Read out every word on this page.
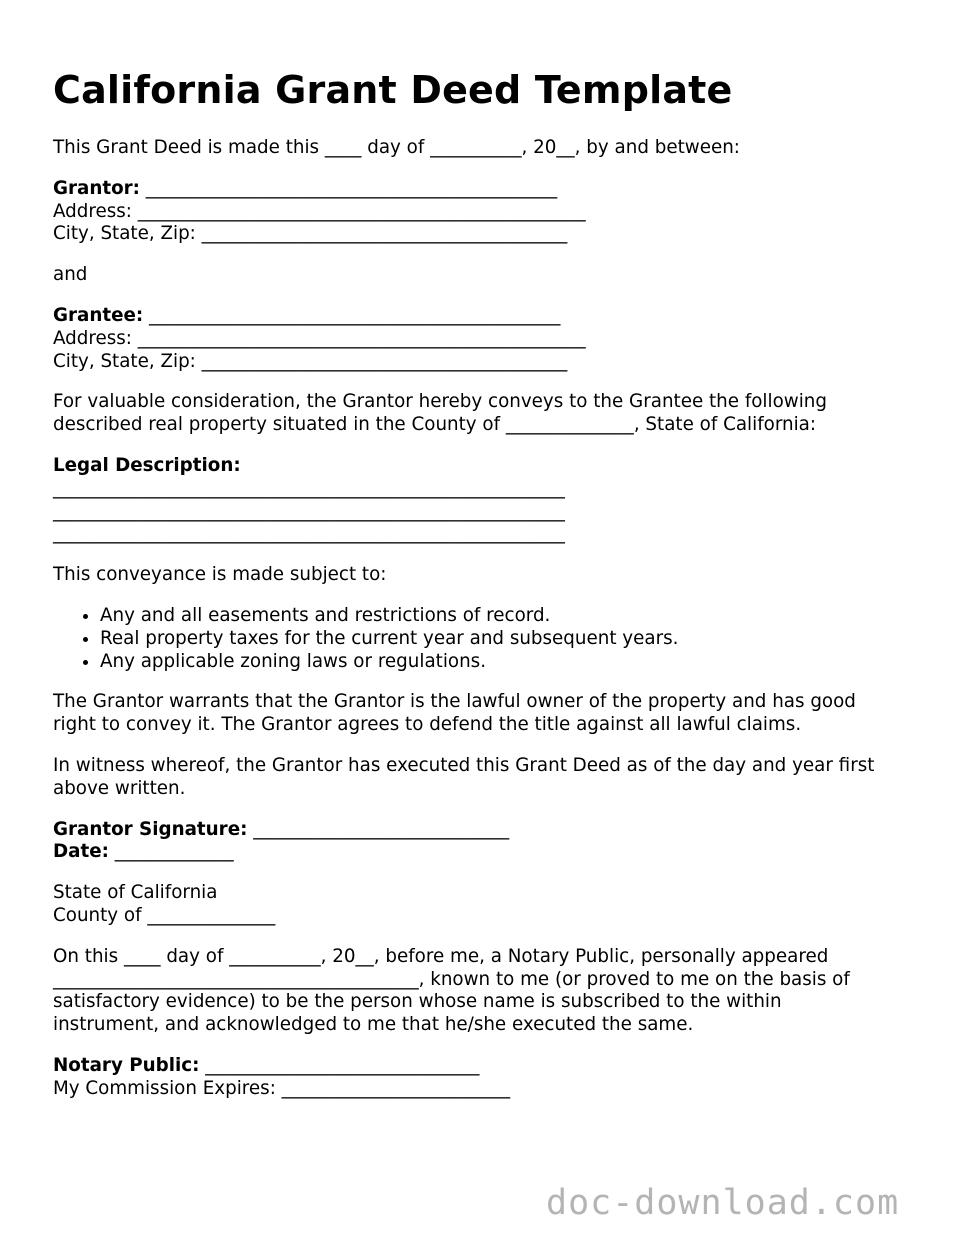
California Grant Deed Template

This Grant Deed is made this ____ day of __________, 20__, by and between:

Grantor: _____________________________________________

Address: _________________________________________________

City, State, Zip: ________________________________________

and

Grantee: _____________________________________________

Address: _________________________________________________

City, State, Zip: ________________________________________

For valuable consideration, the Grantor hereby conveys to the Grantee the following

described real property situated in the County of ______________, State of California:

Legal Description:

________________________________________________________

________________________________________________________

________________________________________________________

This conveyance is made subject to:

• Any and all easements and restrictions of record.
• Real property taxes for the current year and subsequent years.
• Any applicable zoning laws or regulations.

The Grantor warrants that the Grantor is the lawful owner of the property and has good

right to convey it. The Grantor agrees to defend the title against all lawful claims.

In witness whereof, the Grantor has executed this Grant Deed as of the day and year first

above written.

Grantor Signature: ____________________________

Date: _____________

State of California

County of ______________

On this ____ day of __________, 20__, before me, a Notary Public, personally appeared

________________________________________, known to me (or proved to me on the basis of

satisfactory evidence) to be the person whose name is subscribed to the within

instrument, and acknowledged to me that he/she executed the same.

Notary Public: ______________________________

My Commission Expires: _________________________

doc-download.com
